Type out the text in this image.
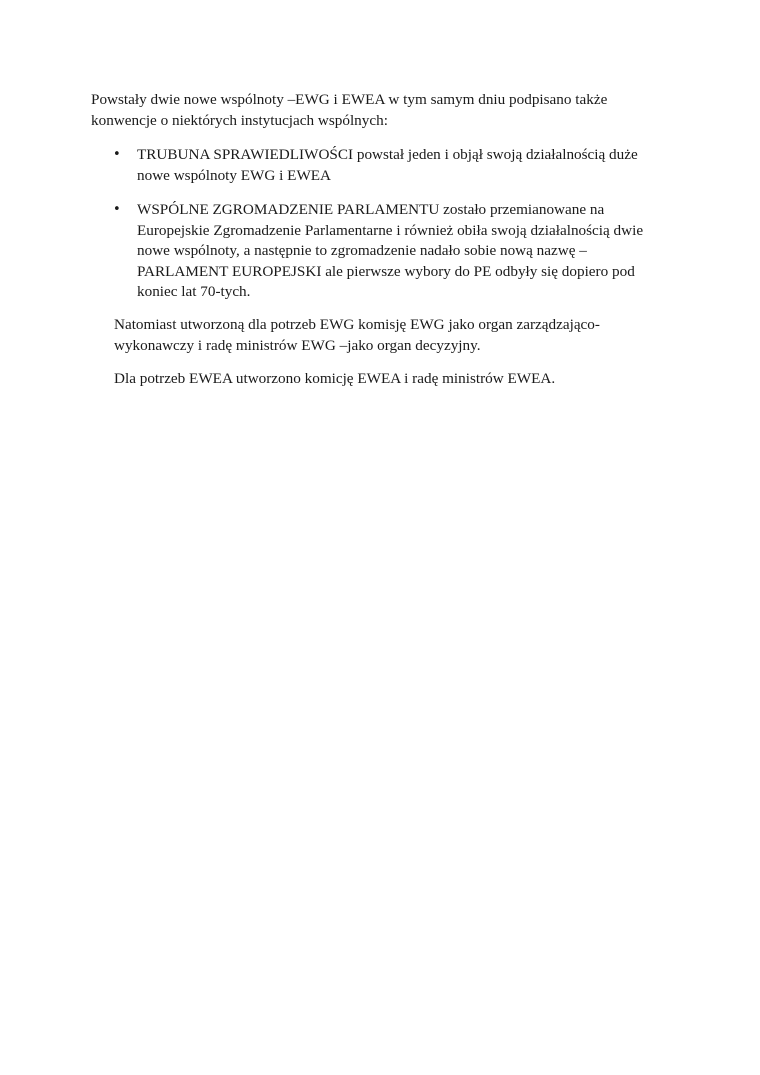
Powstały dwie nowe wspólnoty –EWG i EWEA w tym samym dniu podpisano także konwencje o niektórych instytucjach wspólnych:

• TRUBUNA SPRAWIEDLIWOŚCI powstał jeden i objął swoją działalnością duże nowe wspólnoty EWG i EWEA
• WSPÓLNE ZGROMADZENIE PARLAMENTU zostało przemianowane na Europejskie Zgromadzenie Parlamentarne i również obiła swoją działalnością dwie nowe wspólnoty, a następnie to zgromadzenie nadało sobie nową nazwę –PARLAMENT EUROPEJSKI ale pierwsze wybory do PE odbyły się dopiero pod koniec lat 70-tych.

Natomiast utworzoną dla potrzeb EWG komisję EWG jako organ zarządzająco-wykonawczy i radę ministrów EWG –jako organ decyzyjny.

Dla potrzeb EWEA utworzono komicję EWEA i radę ministrów EWEA.
